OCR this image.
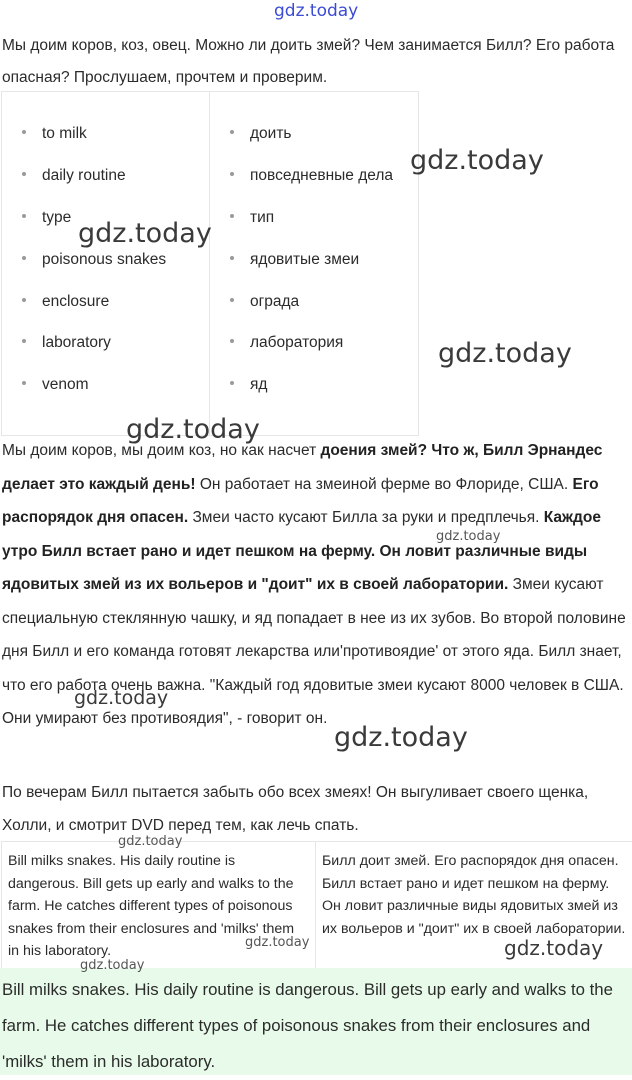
gdz.today

Мы доим коров, коз, овец. Можно ли доить змей? Чем занимается Билл? Его работа опасная? Прослушаем, прочтем и проверим.

to milk
daily routine
type
poisonous snakes
enclosure
laboratory
venom
доить
повседневные дела
тип
ядовитые змеи
ограда
лаборатория
яд

Мы доим коров, мы доим коз, но как насчет доения змей? Что ж, Билл Эрнандес делает это каждый день! Он работает на змеиной ферме во Флориде, США. Его распорядок дня опасен. Змеи часто кусают Билла за руки и предплечья. Каждое утро Билл встает рано и идет пешком на ферму. Он ловит различные виды ядовитых змей из их вольеров и "доит" их в своей лаборатории. Змеи кусают специальную стеклянную чашку, и яд попадает в нее из их зубов. Во второй половине дня Билл и его команда готовят лекарства или'противоядие' от этого яда. Билл знает, что его работа очень важна. "Каждый год ядовитые змеи кусают 8000 человек в США. Они умирают без противоядия", - говорит он.

По вечерам Билл пытается забыть обо всех змеях! Он выгуливает своего щенка, Холли, и смотрит DVD перед тем, как лечь спать.

Bill milks snakes. His daily routine is dangerous. Bill gets up early and walks to the farm. He catches different types of poisonous snakes from their enclosures and 'milks' them in his laboratory.
Билл доит змей. Его распорядок дня опасен. Билл встает рано и идет пешком на ферму. Он ловит различные виды ядовитых змей из их вольеров и "доит" их в своей лаборатории.
Bill milks snakes. His daily routine is dangerous. Bill gets up early and walks to the farm. He catches different types of poisonous snakes from their enclosures and 'milks' them in his laboratory.
gdz.today
gdz.today
gdz.today
gdz.today
gdz.today
gdz.today
gdz.today
gdz.today
gdz.today	gdz.today
gdz.today
